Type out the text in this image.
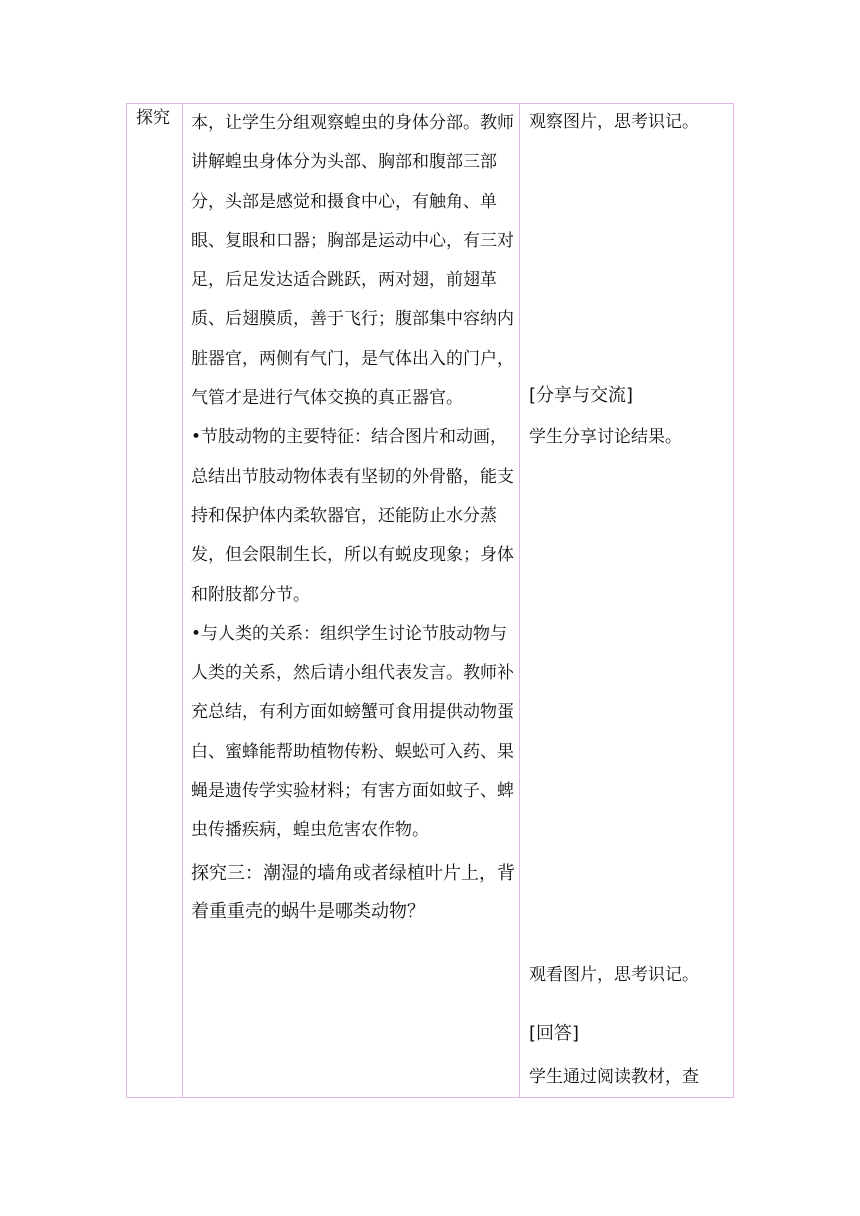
探究	本，让学生分组观察蝗虫的身体分部。教师讲解蝗虫身体分为头部、胸部和腹部三部分，头部是感觉和摄食中心，有触角、单眼、复眼和口器；胸部是运动中心，有三对足，后足发达适合跳跃，两对翅，前翅革质、后翅膜质，善于飞行；腹部集中容纳内脏器官，两侧有气门，是气体出入的门户，气管才是进行气体交换的真正器官。

•节肢动物的主要特征：结合图片和动画，总结出节肢动物体表有坚韧的外骨骼，能支持和保护体内柔软器官，还能防止水分蒸发，但会限制生长，所以有蜕皮现象；身体和附肢都分节。

•与人类的关系：组织学生讨论节肢动物与人类的关系，然后请小组代表发言。教师补充总结，有利方面如螃蟹可食用提供动物蛋白、蜜蜂能帮助植物传粉、蜈蚣可入药、果蝇是遗传学实验材料；有害方面如蚊子、蜱虫传播疾病，蝗虫危害农作物。

探究三：潮湿的墙角或者绿植叶片上，背着重重壳的蜗牛是哪类动物？

观察图片，思考识记。

[分享与交流]

学生分享讨论结果。

观看图片，思考识记。

[回答]

学生通过阅读教材，查
